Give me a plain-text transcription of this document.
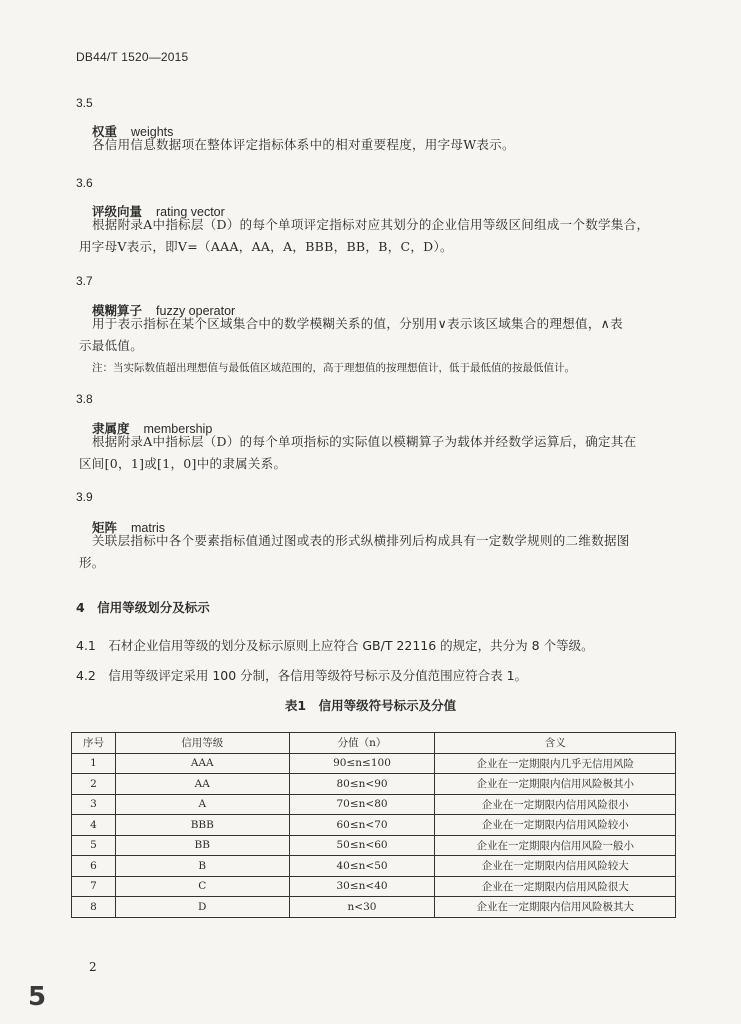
DB44/T 1520—2015
3.5
权重 weights
各信用信息数据项在整体评定指标体系中的相对重要程度，用字母W表示。
3.6
评级向量 rating vector
根据附录A中指标层（D）的每个单项评定指标对应其划分的企业信用等级区间组成一个数学集合，
用字母V表示，即V=（AAA，AA，A，BBB，BB，B，C，D）。
3.7
模糊算子 fuzzy operator
用于表示指标在某个区域集合中的数学模糊关系的值，分别用∨表示该区域集合的理想值，∧表
示最低值。
注：当实际数值超出理想值与最低值区域范围的，高于理想值的按理想值计，低于最低值的按最低值计。
3.8
隶属度 membership
根据附录A中指标层（D）的每个单项指标的实际值以模糊算子为载体并经数学运算后，确定其在
区间[0，1]或[1，0]中的隶属关系。
3.9
矩阵 matris
关联层指标中各个要素指标值通过图或表的形式纵横排列后构成具有一定数学规则的二维数据图
形。
4　信用等级划分及标示
4.1　石材企业信用等级的划分及标示原则上应符合 GB/T 22116 的规定，共分为 8 个等级。
4.2　信用等级评定采用 100 分制，各信用等级符号标示及分值范围应符合表 1。
表1　信用等级符号标示及分值
序号	信用等级	分值（n）	含义
1	AAA	90≤n≤100	企业在一定期限内几乎无信用风险
2	AA	80≤n<90	企业在一定期限内信用风险极其小
3	A	70≤n<80	企业在一定期限内信用风险很小
4	BBB	60≤n<70	企业在一定期限内信用风险较小
5	BB	50≤n<60	企业在一定期限内信用风险一般小
6	B	40≤n<50	企业在一定期限内信用风险较大
7	C	30≤n<40	企业在一定期限内信用风险很大
8	D	n<30	企业在一定期限内信用风险极其大
2
5
